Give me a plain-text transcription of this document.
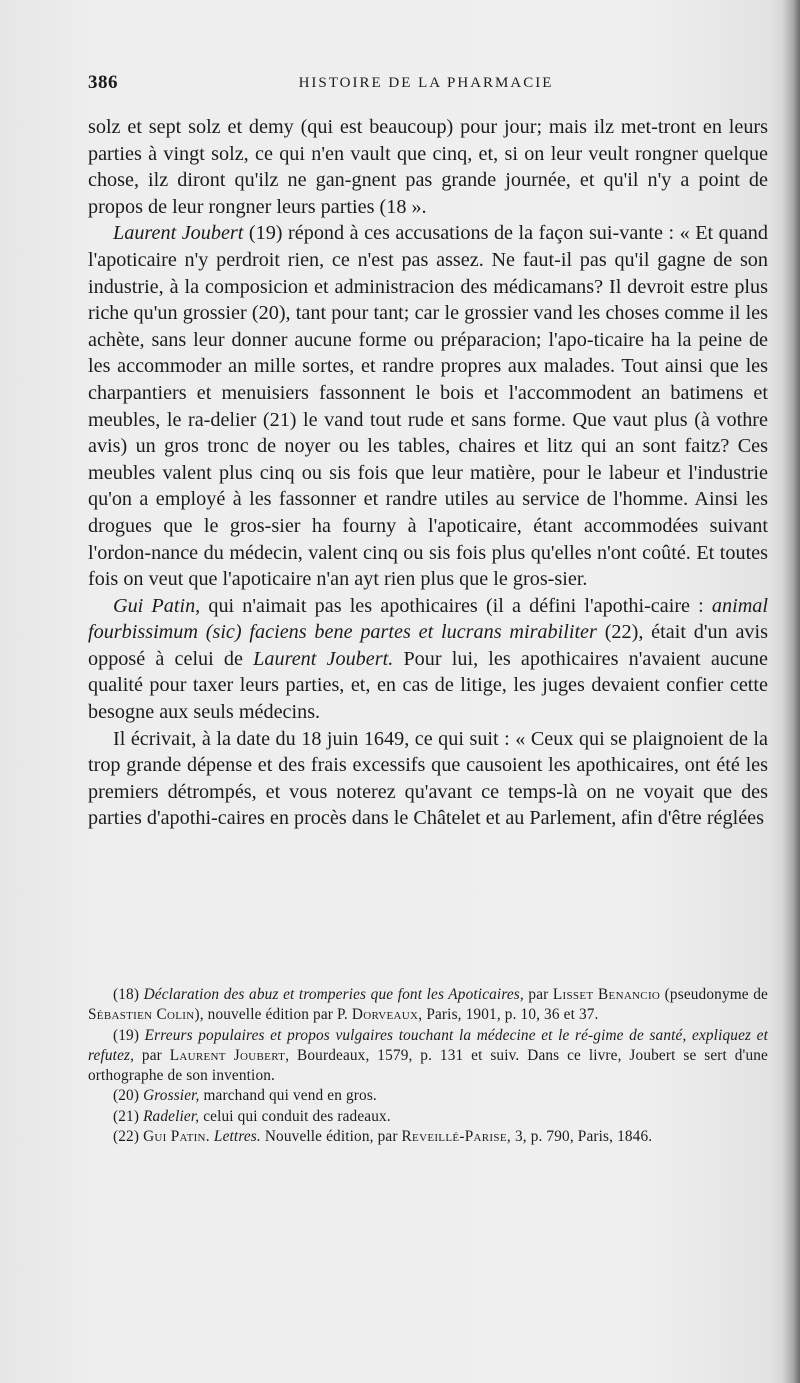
386	HISTOIRE DE LA PHARMACIE

solz et sept solz et demy (qui est beaucoup) pour jour; mais ilz met-tront en leurs parties à vingt solz, ce qui n'en vault que cinq, et, si on leur veult rongner quelque chose, ilz diront qu'ilz ne gan-gnent pas grande journée, et qu'il n'y a point de propos de leur rongner leurs parties (18 ».

Laurent Joubert (19) répond à ces accusations de la façon sui-vante : « Et quand l'apoticaire n'y perdroit rien, ce n'est pas assez. Ne faut-il pas qu'il gagne de son industrie, à la composicion et administracion des médicamans? Il devroit estre plus riche qu'un grossier (20), tant pour tant; car le grossier vand les choses comme il les achète, sans leur donner aucune forme ou préparacion; l'apo-ticaire ha la peine de les accommoder an mille sortes, et randre propres aux malades. Tout ainsi que les charpantiers et menuisiers fassonnent le bois et l'accommodent an batimens et meubles, le ra-delier (21) le vand tout rude et sans forme. Que vaut plus (à vothre avis) un gros tronc de noyer ou les tables, chaires et litz qui an sont faitz? Ces meubles valent plus cinq ou sis fois que leur matière, pour le labeur et l'industrie qu'on a employé à les fassonner et randre utiles au service de l'homme. Ainsi les drogues que le gros-sier ha fourny à l'apoticaire, étant accommodées suivant l'ordon-nance du médecin, valent cinq ou sis fois plus qu'elles n'ont coûté. Et toutes fois on veut que l'apoticaire n'an ayt rien plus que le gros-sier.

Gui Patin, qui n'aimait pas les apothicaires (il a défini l'apothi-caire : animal fourbissimum (sic) faciens bene partes et lucrans mirabiliter (22), était d'un avis opposé à celui de Laurent Joubert. Pour lui, les apothicaires n'avaient aucune qualité pour taxer leurs parties, et, en cas de litige, les juges devaient confier cette besogne aux seuls médecins.

Il écrivait, à la date du 18 juin 1649, ce qui suit : « Ceux qui se plaignoient de la trop grande dépense et des frais excessifs que causoient les apothicaires, ont été les premiers détrompés, et vous noterez qu'avant ce temps-là on ne voyait que des parties d'apothi-caires en procès dans le Châtelet et au Parlement, afin d'être réglées

(18) Déclaration des abuz et tromperies que font les Apoticaires, par Lisset Benancio (pseudonyme de Sébastien Colin), nouvelle édition par P. Dorveaux, Paris, 1901, p. 10, 36 et 37.

(19) Erreurs populaires et propos vulgaires touchant la médecine et le ré-gime de santé, expliquez et refutez, par Laurent Joubert, Bourdeaux, 1579, p. 131 et suiv. Dans ce livre, Joubert se sert d'une orthographe de son invention.

(20) Grossier, marchand qui vend en gros.

(21) Radelier, celui qui conduit des radeaux.

(22) Gui Patin. Lettres. Nouvelle édition, par Reveillé-Parise, 3, p. 790, Paris, 1846.
